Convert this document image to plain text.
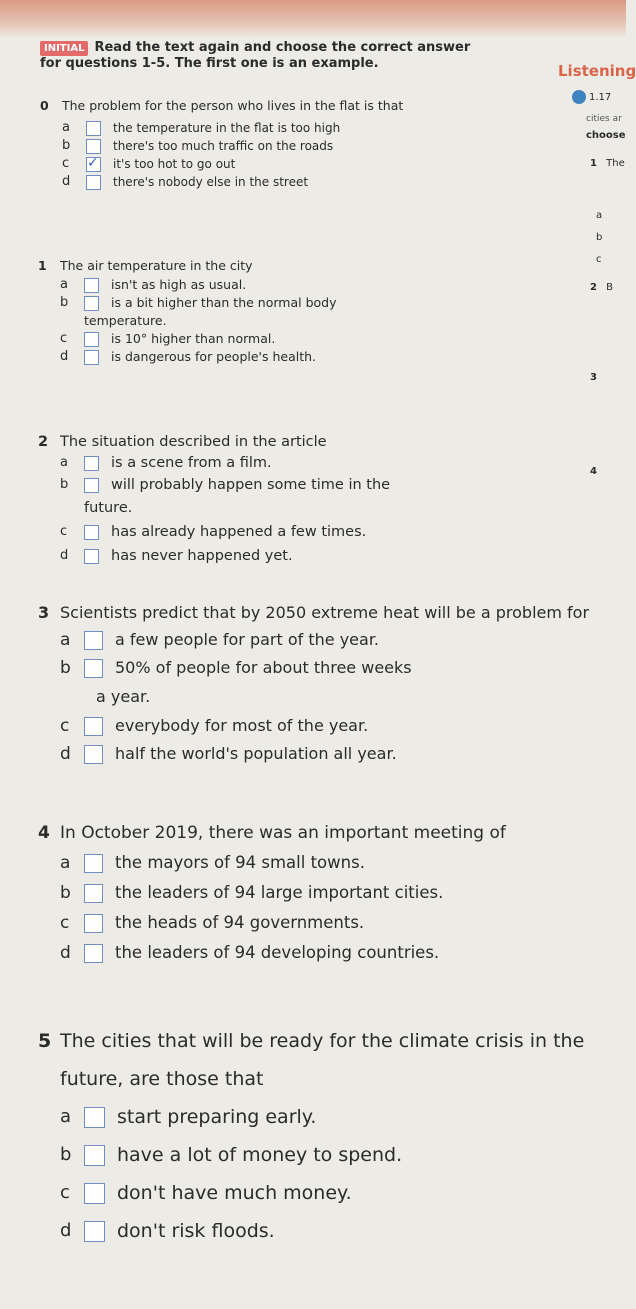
INITIAL Read the text again and choose the correct answer for questions 1-5. The first one is an example.
0	The problem for the person who lives in the flat is that
a	the temperature in the flat is too high
b	there's too much traffic on the roads
c
✓	it's too hot to go out
d	there's nobody else in the street
1	The air temperature in the city
a	isn't as high as usual.
b	is a bit higher than the normal body
temperature.
c	is 10° higher than normal.
d	is dangerous for people's health.
2 The situation described in the article
a	is a scene from a film.
b	will probably happen some time in the
future.
c	has already happened a few times.
d	has never happened yet.
3 Scientists predict that by 2050 extreme heat will be a problem for
a	a few people for part of the year.
b	50% of people for about three weeks
a year.
c	everybody for most of the year.
d	half the world's population all year.
4 In October 2019, there was an important meeting of
a	the mayors of 94 small towns.
b	the leaders of 94 large important cities.
c	the heads of 94 governments.
d	the leaders of 94 developing countries.
5 The cities that will be ready for the climate crisis in the future, are those that
a	start preparing early.
b	have a lot of money to spend.
c	don't have much money.
d	don't risk floods.
Listening
1.17
cities ar
choose
1 The
a
b
c
2 B
3
4
